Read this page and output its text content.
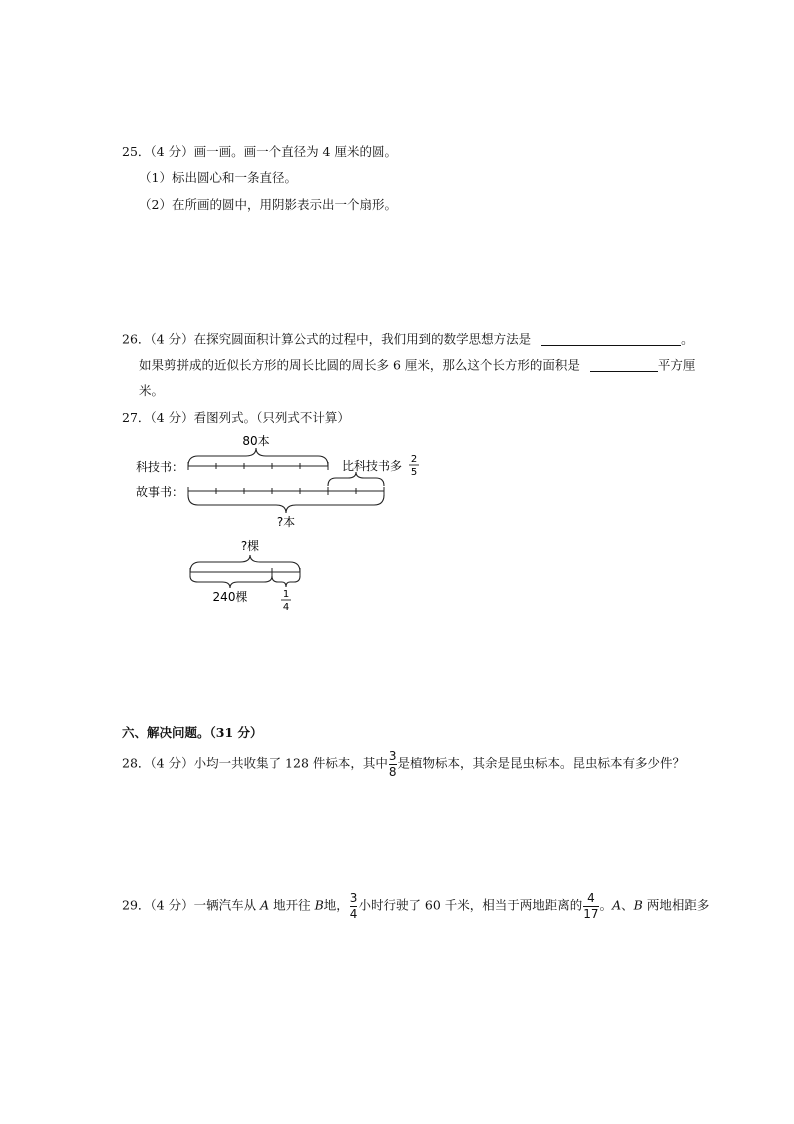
25．（4 分）画一画。画一个直径为 4 厘米的圆。
（1）标出圆心和一条直径。
（2）在所画的圆中，用阴影表示出一个扇形。
26．（4 分）在探究圆面积计算公式的过程中，我们用到的数学思想方法是	。
如果剪拼成的近似长方形的周长比圆的周长多 6 厘米，那么这个长方形的面积是	平方厘
米。
27．（4 分）看图列式。（只列式不计算）
80本
科技书：	比科技书多 2
5
故事书：
?本
?棵
240棵	1
4
六、解决问题。（31 分）
28．（4 分）小均一共收集了 128 件标本，其中 $\frac{3}{8}$ 是植物标本，其余是昆虫标本。昆虫标本有多少件？
29．（4 分）一辆汽车从 A 地开往 B地， $\frac{3}{4}$ 小时行驶了 60 千米，相当于两地距离的 $\frac{4}{17}$ 。A、B 两地相距多
